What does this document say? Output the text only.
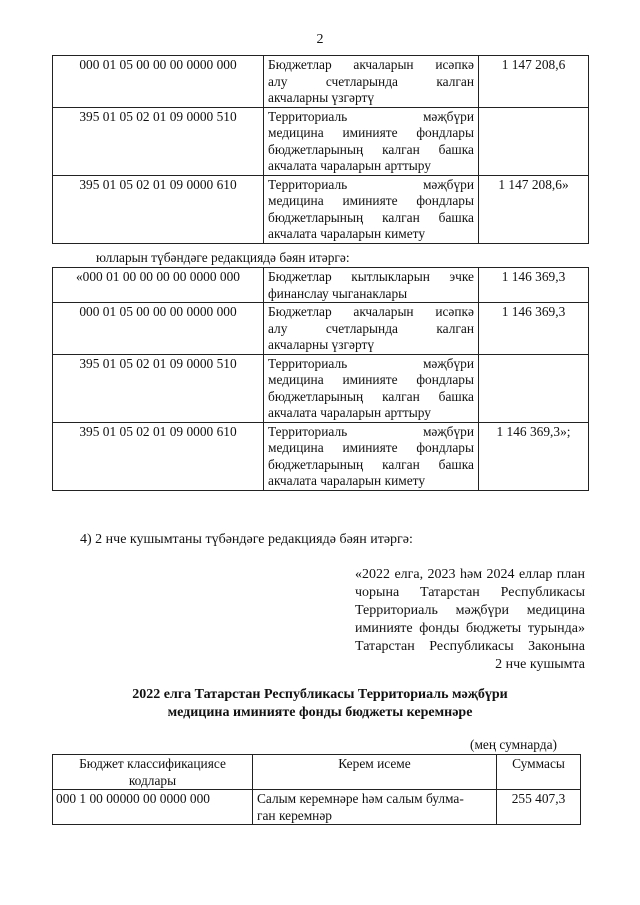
2
000 01 05 00 00 00 0000 000	Бюджетлар акчаларын исәпкә
алу счетларында калган
акчаларны үзгәртү	1 147 208,6
395 01 05 02 01 09 0000 510	Территориаль мәҗбүри
медицина иминияте фондлары
бюджетларының калган башка
акчалата чараларын арттыру	

395 01 05 02 01 09 0000 610	Территориаль мәҗбүри
медицина иминияте фондлары
бюджетларының калган башка
акчалата чараларын кимету	1 147 208,6»
юлларын түбәндәге редакциядә бәян итәргә:
«000 01 00 00 00 00 0000 000	Бюджетлар кытлыкларын эчке
финанслау чыганаклары	1 146 369,3
000 01 05 00 00 00 0000 000	Бюджетлар акчаларын исәпкә
алу счетларында калган
акчаларны үзгәртү	1 146 369,3
395 01 05 02 01 09 0000 510	Территориаль мәҗбүри
медицина иминияте фондлары
бюджетларының калган башка
акчалата чараларын арттыру	

395 01 05 02 01 09 0000 610	Территориаль мәҗбүри
медицина иминияте фондлары
бюджетларының калган башка
акчалата чараларын кимету	1 146 369,3»;
4) 2 нче кушымтаны түбәндәге редакциядә бәян итәргә:
«2022 елга, 2023 һәм 2024 еллар план
чорына Татарстан Республикасы
Территориаль мәҗбүри медицина
иминияте фонды бюджеты турында»
Татарстан Республикасы Законына
2 нче кушымта
2022 елга Татарстан Республикасы Территориаль мәҗбүри
медицина иминияте фонды бюджеты керемнәре
(мең сумнарда)
Бюджет классификациясе кодлары	Керем исеме	Суммасы
000 1 00 00000 00 0000 000	Салым керемнәре һәм салым булма-
ган керемнәр	255 407,3
